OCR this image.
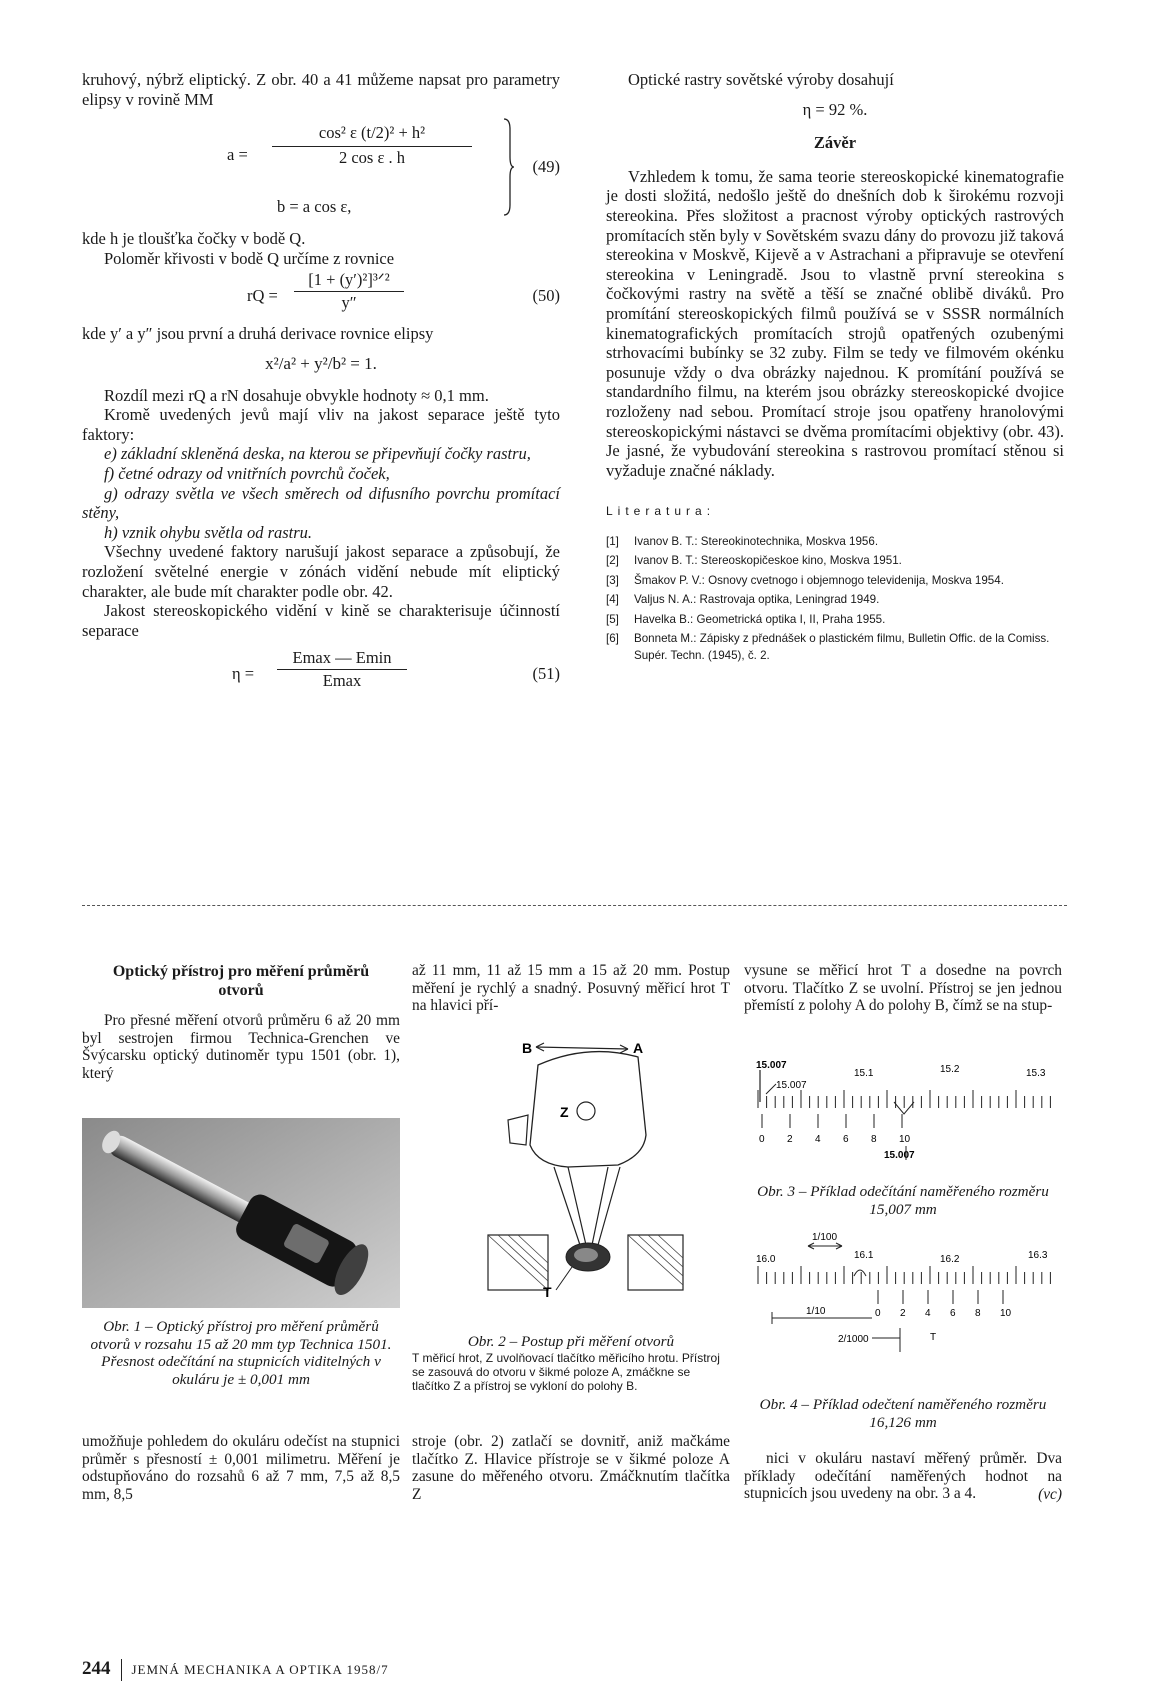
kruhový, nýbrž eliptický. Z obr. 40 a 41 můžeme napsat pro parametry elipsy v rovině MM

$a = \frac{\text{cos² ε (t/2)² + h²}}{\text{2 cos ε . h}}$
b = a cos ε,
(49)

kde h je tloušťka čočky v bodě Q.

Poloměr křivosti v bodě Q určíme z rovnice

rQ =
[1 + (y′)²]³ᐟ²
y″	(50)

kde y′ a y″ jsou první a druhá derivace rovnice elipsy

x²/a² + y²/b² = 1.

Rozdíl mezi rQ a rN dosahuje obvykle hodnoty ≈ 0,1 mm.

Kromě uvedených jevů mají vliv na jakost separace ještě tyto faktory:

e) základní skleněná deska, na kterou se připevňují čočky rastru,

f) četné odrazy od vnitřních povrchů čoček,

g) odrazy světla ve všech směrech od difusního povrchu promítací stěny,

h) vznik ohybu světla od rastru.

Všechny uvedené faktory narušují jakost separace a způsobují, že rozložení světelné energie v zónách vidění nebude mít eliptický charakter, ale bude mít charakter podle obr. 42.

Jakost stereoskopického vidění v kině se charakterisuje účinností separace

η =
Emax — Emin
Emax	(51)

Optické rastry sovětské výroby dosahují

η = 92 %.

Závěr

Vzhledem k tomu, že sama teorie stereoskopické kinematografie je dosti složitá, nedošlo ještě do dnešních dob k širokému rozvoji stereokina. Přes složitost a pracnost výroby optických rastrových promítacích stěn byly v Sovětském svazu dány do provozu již taková stereokina v Moskvě, Kijevě a v Astrachani a připravuje se otevření stereokina v Leningradě. Jsou to vlastně první stereokina s čočkovými rastry na světě a těší se značné oblibě diváků. Pro promítání stereoskopických filmů používá se v SSSR normálních kinematografických promítacích strojů opatřených ozubenými strhovacími bubínky se 32 zuby. Film se tedy ve filmovém okénku posunuje vždy o dva obrázky najednou. K promítání používá se standardního filmu, na kterém jsou obrázky stereoskopické dvojice rozloženy nad sebou. Promítací stroje jsou opatřeny hranolovými stereoskopickými nástavci se dvěma promítacími objektivy (obr. 43). Je jasné, že vybudování stereokina s rastrovou promítací stěnou si vyžaduje značné náklady.

Literatura:

[1]	Ivanov B. T.: Stereokinotechnika, Moskva 1956.
[2]	Ivanov B. T.: Stereoskopičeskoe kino, Moskva 1951.
[3]	Šmakov P. V.: Osnovy cvetnogo i objemnogo televidenija, Moskva 1954.
[4]	Valjus N. A.: Rastrovaja optika, Leningrad 1949.
[5]	Havelka B.: Geometrická optika I, II, Praha 1955.
[6]	Bonneta M.: Zápisky z přednášek o plastickém filmu, Bulletin Offic. de la Comiss. Supér. Techn. (1945), č. 2.

Optický přístroj pro měření průměrů otvorů

Pro přesné měření otvorů průměru 6 až 20 mm byl sestrojen firmou Technica-Grenchen ve Švýcarsku optický dutinoměr typu 1501 (obr. 1), který

Obr. 1 – Optický přístroj pro měření průměrů otvorů v rozsahu 15 až 20 mm typ Technica 1501. Přesnost odečítání na stupnicích viditelných v okuláru je ± 0,001 mm

umožňuje pohledem do okuláru odečíst na stupnici průměr s přesností ± 0,001 milimetru. Měření je odstupňováno do rozsahů 6 až 7 mm, 7,5 až 8,5 mm, 8,5

až 11 mm, 11 až 15 mm a 15 až 20 mm. Postup měření je rychlý a snadný. Posuvný měřicí hrot T na hlavici pří-

B	A
Z
T

Obr. 2 – Postup při měření otvorů

T měřicí hrot, Z uvolňovací tlačítko měřicího hrotu. Přístroj se zasouvá do otvoru v šikmé poloze A, zmáčkne se tlačítko Z a přístroj se vykloní do polohy B.

stroje (obr. 2) zatlačí se dovnitř, aniž mačkáme tlačítko Z. Hlavice přístroje se v šikmé poloze A zasune do měřeného otvoru. Zmáčknutím tlačítka Z

vysune se měřicí hrot T a dosedne na povrch otvoru. Tlačítko Z se uvolní. Přístroj se jen jednou přemístí z polohy A do polohy B, čímž se na stup-

15.007
15.1	15.2	15.3
15.007
0 2 4 6 8 10
15.007

Obr. 3 – Příklad odečítání naměřeného rozměru 15,007 mm

1/100
16.0	16.1	16.2	16.3
0 2 4 6 8 10
T
1/10
2/1000

Obr. 4 – Příklad odečtení naměřeného rozměru 16,126 mm

nici v okuláru nastaví měřený průměr. Dva příklady odečítání naměřených hodnot na stupnicích jsou uvedeny na obr. 3 a 4.	(vc)

244 JEMNÁ MECHANIKA A OPTIKA 1958/7
